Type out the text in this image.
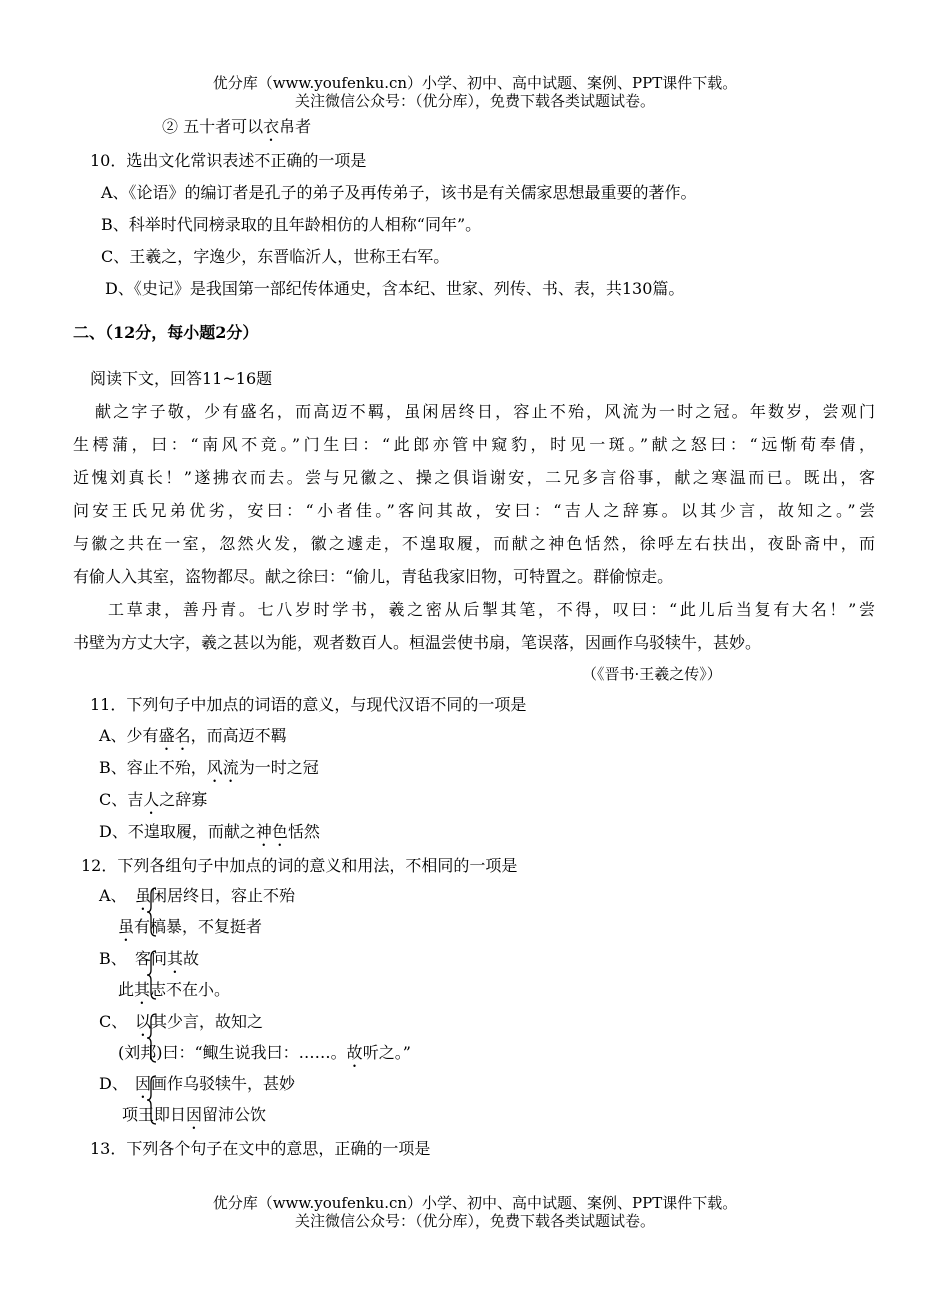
优分库（www.youfenku.cn）小学、初中、高中试题、案例、PPT课件下载。
关注微信公众号：（优分库），免费下载各类试题试卷。
② 五十者可以衣帛者
10．选出文化常识表述不正确的一项是
A、《论语》的编订者是孔子的弟子及再传弟子，该书是有关儒家思想最重要的著作。
B、科举时代同榜录取的且年龄相仿的人相称“同年”。
C、王羲之，字逸少，东晋临沂人，世称王右军。
D、《史记》是我国第一部纪传体通史，含本纪、世家、列传、书、表，共130篇。
二、（12分，每小题2分）
阅读下文，回答11~16题
献之字子敬，少有盛名，而高迈不羁，虽闲居终日，容止不殆，风流为一时之冠。年数岁，尝观门
生樗蒲，曰：“南风不竞。”门生曰：“此郎亦管中窥豹，时见一斑。”献之怒曰：“远惭荀奉倩，
近愧刘真长！”遂拂衣而去。尝与兄徽之、操之俱诣谢安，二兄多言俗事，献之寒温而已。既出，客
问安王氏兄弟优劣，安曰：“小者佳。”客问其故，安曰：“吉人之辞寡。以其少言，故知之。”尝
与徽之共在一室，忽然火发，徽之遽走，不遑取履，而献之神色恬然，徐呼左右扶出，夜卧斋中，而
有偷人入其室，盗物都尽。献之徐曰：“偷儿，青毡我家旧物，可特置之。群偷惊走。
工草隶，善丹青。七八岁时学书，羲之密从后掣其笔，不得，叹曰：“此儿后当复有大名！”尝
书壁为方丈大字，羲之甚以为能，观者数百人。桓温尝使书扇，笔误落，因画作乌驳犊牛，甚妙。
（《晋书·王羲之传》）
11．下列句子中加点的词语的意义，与现代汉语不同的一项是
A、少有盛名，而高迈不羁
B、容止不殆，风流为一时之冠
C、吉人之辞寡
D、不遑取履，而献之神色恬然
12．下列各组句子中加点的词的意义和用法，不相同的一项是
A、 虽闲居终日，容止不殆
虽有槁暴，不复挺者
B、 客问其故
此其志不在小。
C、 以其少言，故知之
(刘邦)曰：“鲰生说我曰：……。故听之。”
D、 因画作乌驳犊牛，甚妙
项王即日因留沛公饮
13．下列各个句子在文中的意思，正确的一项是
优分库（www.youfenku.cn）小学、初中、高中试题、案例、PPT课件下载。
关注微信公众号：（优分库），免费下载各类试题试卷。
